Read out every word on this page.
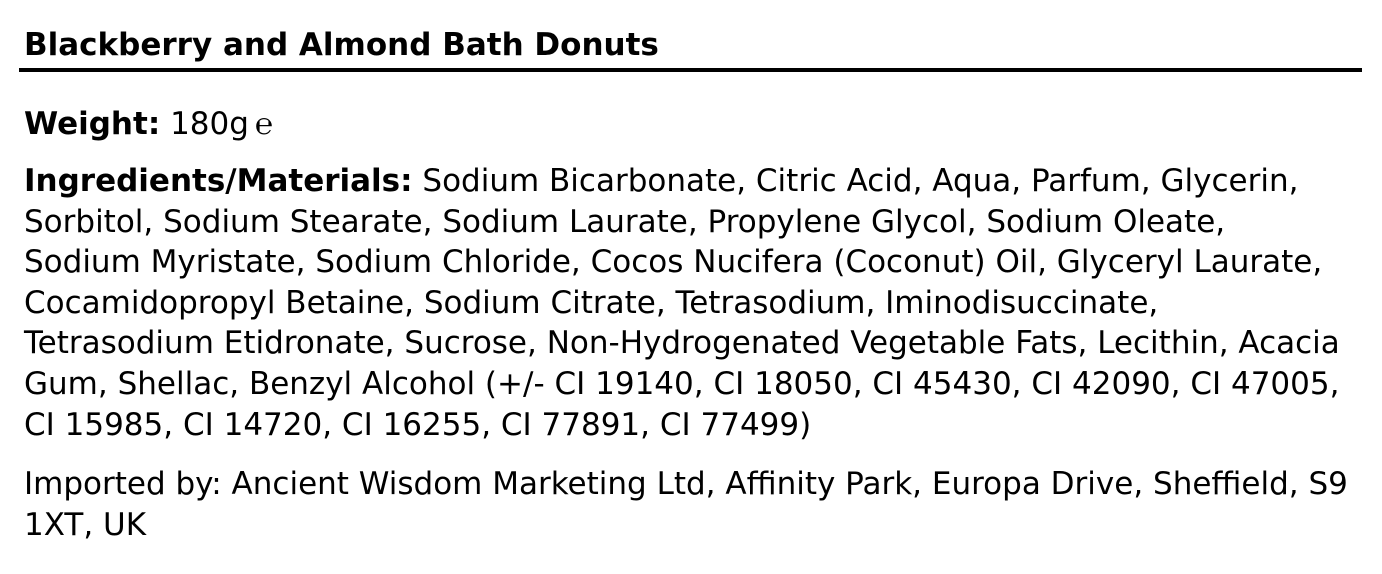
Blackberry and Almond Bath Donuts
Weight: 180g ℮
Ingredients/Materials: Sodium Bicarbonate, Citric Acid, Aqua, Parfum, Glycerin, Sorbitol, Sodium Stearate, Sodium Laurate, Propylene Glycol, Sodium Oleate, Sodium Myristate, Sodium Chloride, Cocos Nucifera (Coconut) Oil, Glyceryl Laurate, Cocamidopropyl Betaine, Sodium Citrate, Tetrasodium, Iminodisuccinate, Tetrasodium Etidronate, Sucrose, Non-Hydrogenated Vegetable Fats, Lecithin, Acacia Gum, Shellac, Benzyl Alcohol (+/- CI 19140, CI 18050, CI 45430, CI 42090, CI 47005, CI 15985, CI 14720, CI 16255, CI 77891, CI 77499)
Imported by: Ancient Wisdom Marketing Ltd, Affinity Park, Europa Drive, Sheffield, S9 1XT, UK
